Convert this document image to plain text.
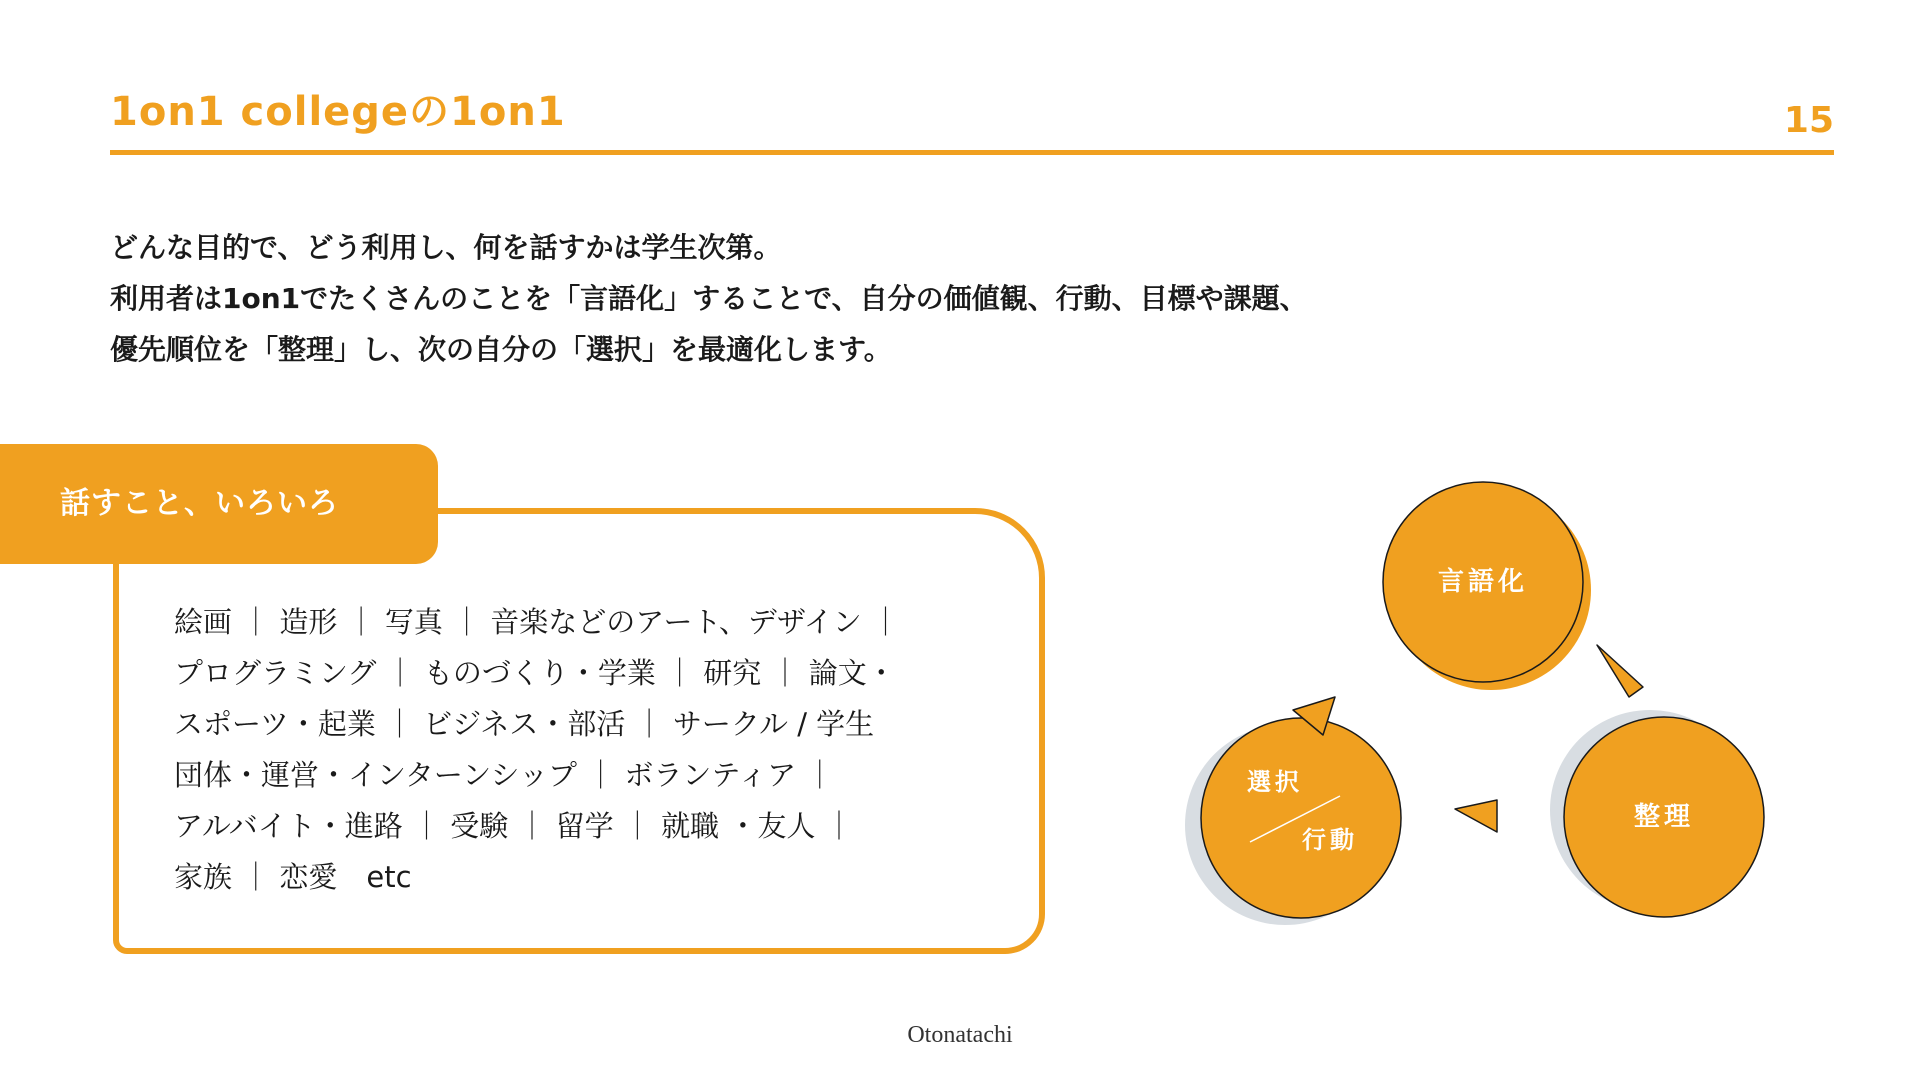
1on1 collegeの1on1	15
どんな目的で、どう利用し、何を話すかは学生次第。
利用者は1on1でたくさんのことを「言語化」することで、自分の価値観、行動、目標や課題、
優先順位を「整理」し、次の自分の「選択」を最適化します。
話すこと、いろいろ
絵画 ｜ 造形 ｜ 写真 ｜ 音楽などのアート、デザイン ｜
プログラミング ｜ ものづくり・学業 ｜ 研究 ｜ 論文・
スポーツ・起業 ｜ ビジネス・部活 ｜ サークル / 学生
団体・運営・インターンシップ ｜ ボランティア ｜
アルバイト・進路 ｜ 受験 ｜ 留学 ｜ 就職 ・友人 ｜
家族 ｜ 恋愛　etc
言語化
選択
行動
整理
Otonatachi
